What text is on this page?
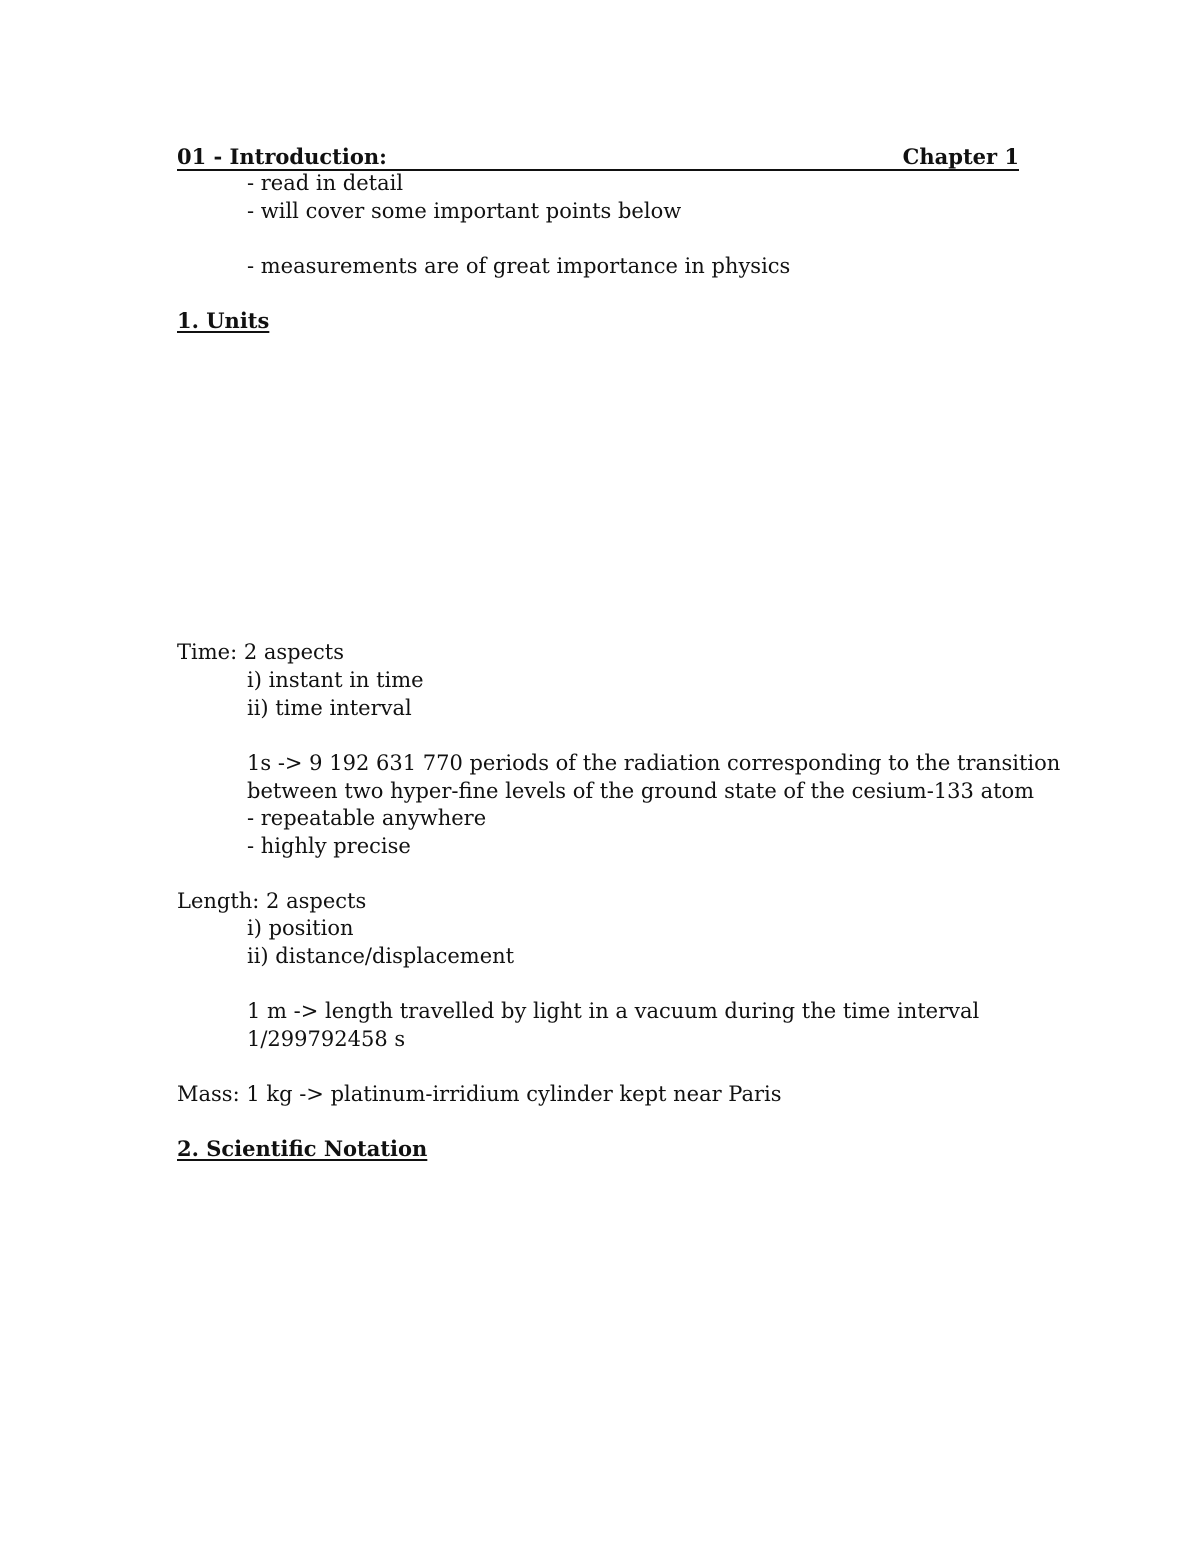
01 - Introduction:	Chapter 1
- read in detail
- will cover some important points below
- measurements are of great importance in physics
1. Units
Time: 2 aspects
i) instant in time
ii) time interval
1s -> 9 192 631 770 periods of the radiation corresponding to the transition
between two hyper-fine levels of the ground state of the cesium-133 atom
- repeatable anywhere
- highly precise
Length: 2 aspects
i) position
ii) distance/displacement
1 m -> length travelled by light in a vacuum during the time interval
1/299792458 s
Mass: 1 kg -> platinum-irridium cylinder kept near Paris
2. Scientific Notation
